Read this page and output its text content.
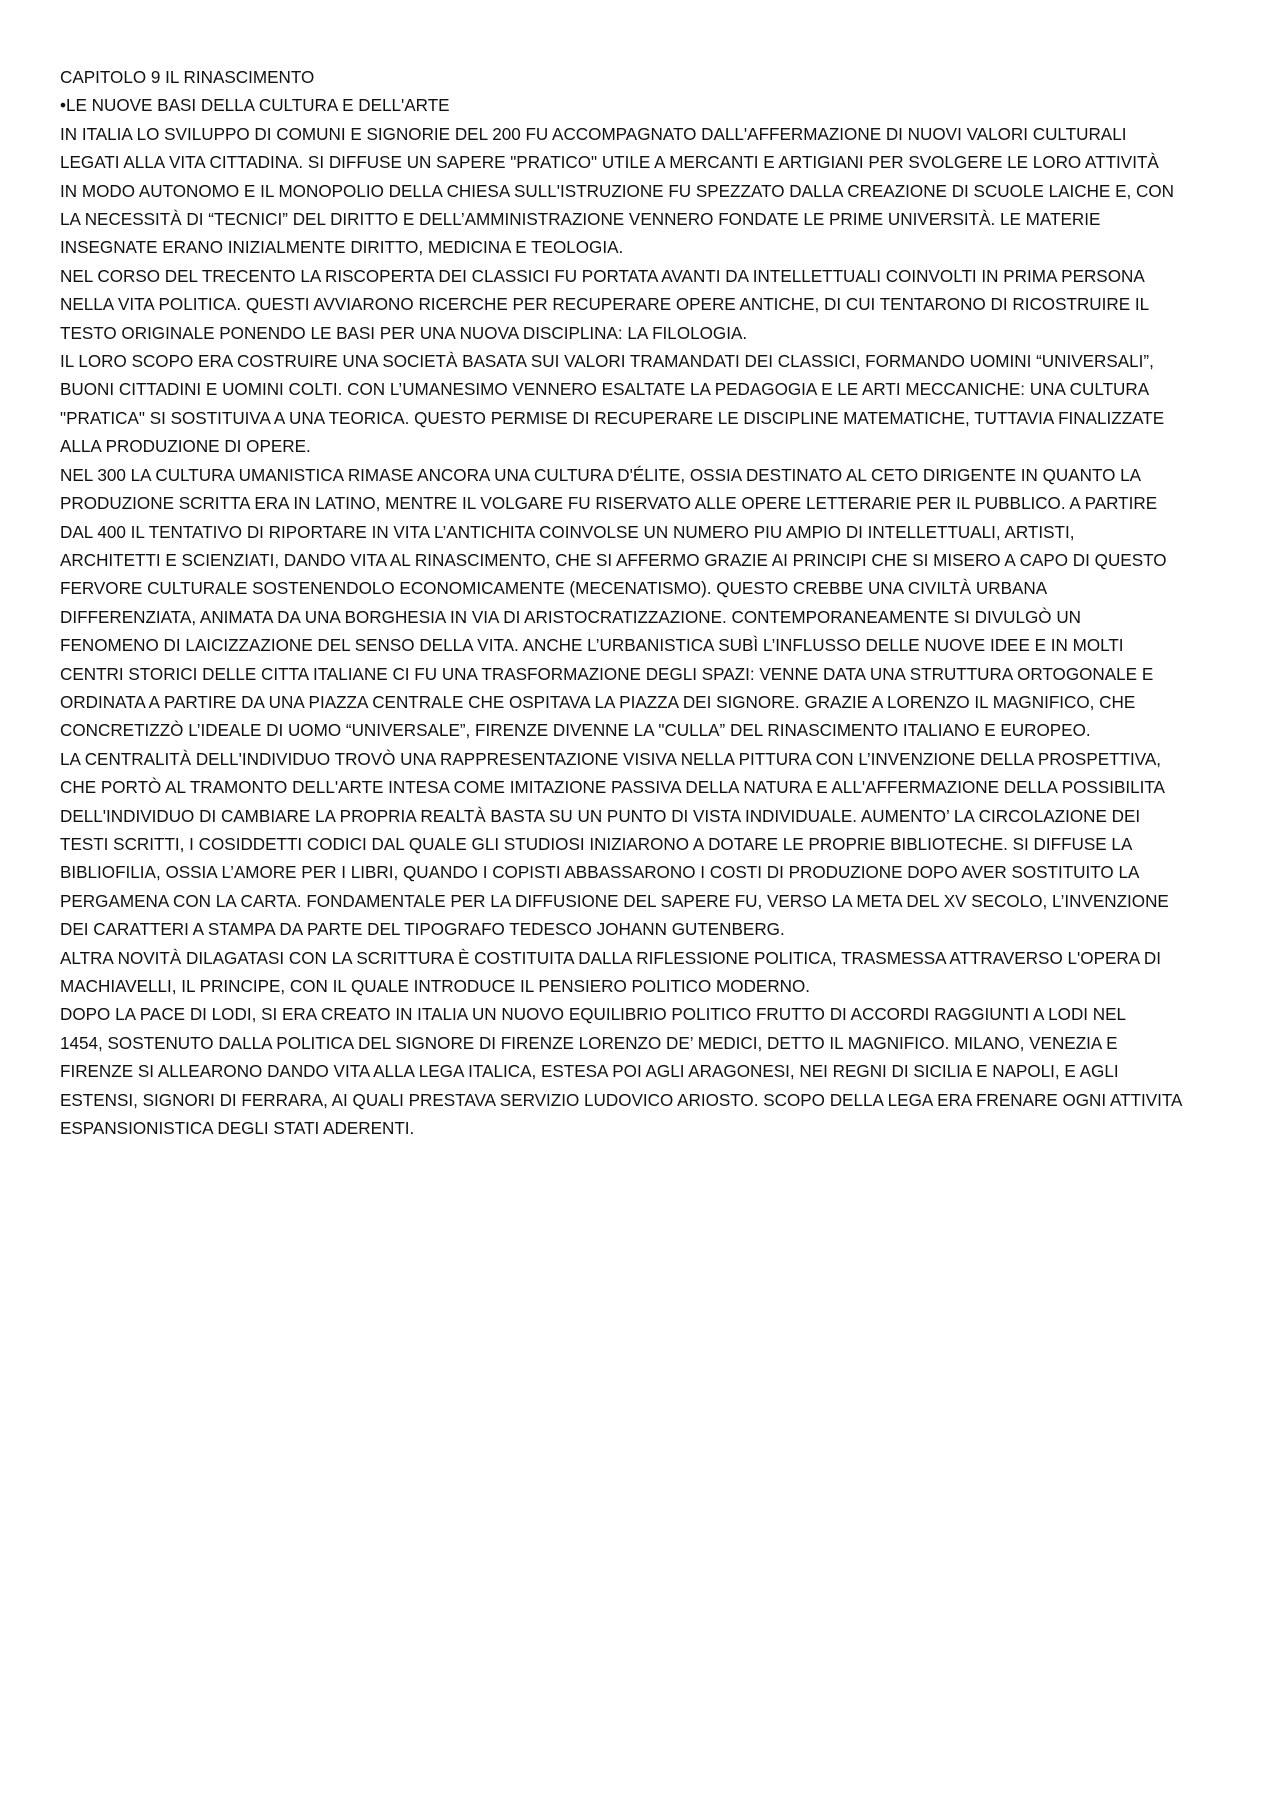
CAPITOLO 9 IL RINASCIMENTO
•LE NUOVE BASI DELLA CULTURA E DELL'ARTE
IN ITALIA LO SVILUPPO DI COMUNI E SIGNORIE DEL 200 FU ACCOMPAGNATO DALL'AFFERMAZIONE DI NUOVI VALORI CULTURALI
LEGATI ALLA VITA CITTADINA. SI DIFFUSE UN SAPERE "PRATICO" UTILE A MERCANTI E ARTIGIANI PER SVOLGERE LE LORO ATTIVITÀ
IN MODO AUTONOMO E IL MONOPOLIO DELLA CHIESA SULL'ISTRUZIONE FU SPEZZATO DALLA CREAZIONE DI SCUOLE LAICHE E, CON
LA NECESSITÀ DI “TECNICI” DEL DIRITTO E DELL’AMMINISTRAZIONE VENNERO FONDATE LE PRIME UNIVERSITÀ. LE MATERIE
INSEGNATE ERANO INIZIALMENTE DIRITTO, MEDICINA E TEOLOGIA.
NEL CORSO DEL TRECENTO LA RISCOPERTA DEI CLASSICI FU PORTATA AVANTI DA INTELLETTUALI COINVOLTI IN PRIMA PERSONA
NELLA VITA POLITICA. QUESTI AVVIARONO RICERCHE PER RECUPERARE OPERE ANTICHE, DI CUI TENTARONO DI RICOSTRUIRE IL
TESTO ORIGINALE PONENDO LE BASI PER UNA NUOVA DISCIPLINA: LA FILOLOGIA.
IL LORO SCOPO ERA COSTRUIRE UNA SOCIETÀ BASATA SUI VALORI TRAMANDATI DEI CLASSICI, FORMANDO UOMINI “UNIVERSALI”,
BUONI CITTADINI E UOMINI COLTI. CON L’UMANESIMO VENNERO ESALTATE LA PEDAGOGIA E LE ARTI MECCANICHE: UNA CULTURA
"PRATICA" SI SOSTITUIVA A UNA TEORICA. QUESTO PERMISE DI RECUPERARE LE DISCIPLINE MATEMATICHE, TUTTAVIA FINALIZZATE
ALLA PRODUZIONE DI OPERE.
NEL 300 LA CULTURA UMANISTICA RIMASE ANCORA UNA CULTURA D'ÉLITE, OSSIA DESTINATO AL CETO DIRIGENTE IN QUANTO LA
PRODUZIONE SCRITTA ERA IN LATINO, MENTRE IL VOLGARE FU RISERVATO ALLE OPERE LETTERARIE PER IL PUBBLICO. A PARTIRE
DAL 400 IL TENTATIVO DI RIPORTARE IN VITA L’ANTICHITA COINVOLSE UN NUMERO PIU AMPIO DI INTELLETTUALI, ARTISTI,
ARCHITETTI E SCIENZIATI, DANDO VITA AL RINASCIMENTO, CHE SI AFFERMO GRAZIE AI PRINCIPI CHE SI MISERO A CAPO DI QUESTO
FERVORE CULTURALE SOSTENENDOLO ECONOMICAMENTE (MECENATISMO). QUESTO CREBBE UNA CIVILTÀ URBANA
DIFFERENZIATA, ANIMATA DA UNA BORGHESIA IN VIA DI ARISTOCRATIZZAZIONE. CONTEMPORANEAMENTE SI DIVULGÒ UN
FENOMENO DI LAICIZZAZIONE DEL SENSO DELLA VITA. ANCHE L’URBANISTICA SUBÌ L’INFLUSSO DELLE NUOVE IDEE E IN MOLTI
CENTRI STORICI DELLE CITTA ITALIANE CI FU UNA TRASFORMAZIONE DEGLI SPAZI: VENNE DATA UNA STRUTTURA ORTOGONALE E
ORDINATA A PARTIRE DA UNA PIAZZA CENTRALE CHE OSPITAVA LA PIAZZA DEI SIGNORE. GRAZIE A LORENZO IL MAGNIFICO, CHE
CONCRETIZZÒ L’IDEALE DI UOMO “UNIVERSALE”, FIRENZE DIVENNE LA "CULLA” DEL RINASCIMENTO ITALIANO E EUROPEO.
LA CENTRALITÀ DELL'INDIVIDUO TROVÒ UNA RAPPRESENTAZIONE VISIVA NELLA PITTURA CON L’INVENZIONE DELLA PROSPETTIVA,
CHE PORTÒ AL TRAMONTO DELL'ARTE INTESA COME IMITAZIONE PASSIVA DELLA NATURA E ALL'AFFERMAZIONE DELLA POSSIBILITA
DELL'INDIVIDUO DI CAMBIARE LA PROPRIA REALTÀ BASTA SU UN PUNTO DI VISTA INDIVIDUALE. AUMENTO’ LA CIRCOLAZIONE DEI
TESTI SCRITTI, I COSIDDETTI CODICI DAL QUALE GLI STUDIOSI INIZIARONO A DOTARE LE PROPRIE BIBLIOTECHE. SI DIFFUSE LA
BIBLIOFILIA, OSSIA L’AMORE PER I LIBRI, QUANDO I COPISTI ABBASSARONO I COSTI DI PRODUZIONE DOPO AVER SOSTITUITO LA
PERGAMENA CON LA CARTA. FONDAMENTALE PER LA DIFFUSIONE DEL SAPERE FU, VERSO LA META DEL XV SECOLO, L’INVENZIONE
DEI CARATTERI A STAMPA DA PARTE DEL TIPOGRAFO TEDESCO JOHANN GUTENBERG.
ALTRA NOVITÀ DILAGATASI CON LA SCRITTURA È COSTITUITA DALLA RIFLESSIONE POLITICA, TRASMESSA ATTRAVERSO L'OPERA DI
MACHIAVELLI, IL PRINCIPE, CON IL QUALE INTRODUCE IL PENSIERO POLITICO MODERNO.
DOPO LA PACE DI LODI, SI ERA CREATO IN ITALIA UN NUOVO EQUILIBRIO POLITICO FRUTTO DI ACCORDI RAGGIUNTI A LODI NEL
1454, SOSTENUTO DALLA POLITICA DEL SIGNORE DI FIRENZE LORENZO DE’ MEDICI, DETTO IL MAGNIFICO. MILANO, VENEZIA E
FIRENZE SI ALLEARONO DANDO VITA ALLA LEGA ITALICA, ESTESA POI AGLI ARAGONESI, NEI REGNI DI SICILIA E NAPOLI, E AGLI
ESTENSI, SIGNORI DI FERRARA, AI QUALI PRESTAVA SERVIZIO LUDOVICO ARIOSTO. SCOPO DELLA LEGA ERA FRENARE OGNI ATTIVITA
ESPANSIONISTICA DEGLI STATI ADERENTI.
